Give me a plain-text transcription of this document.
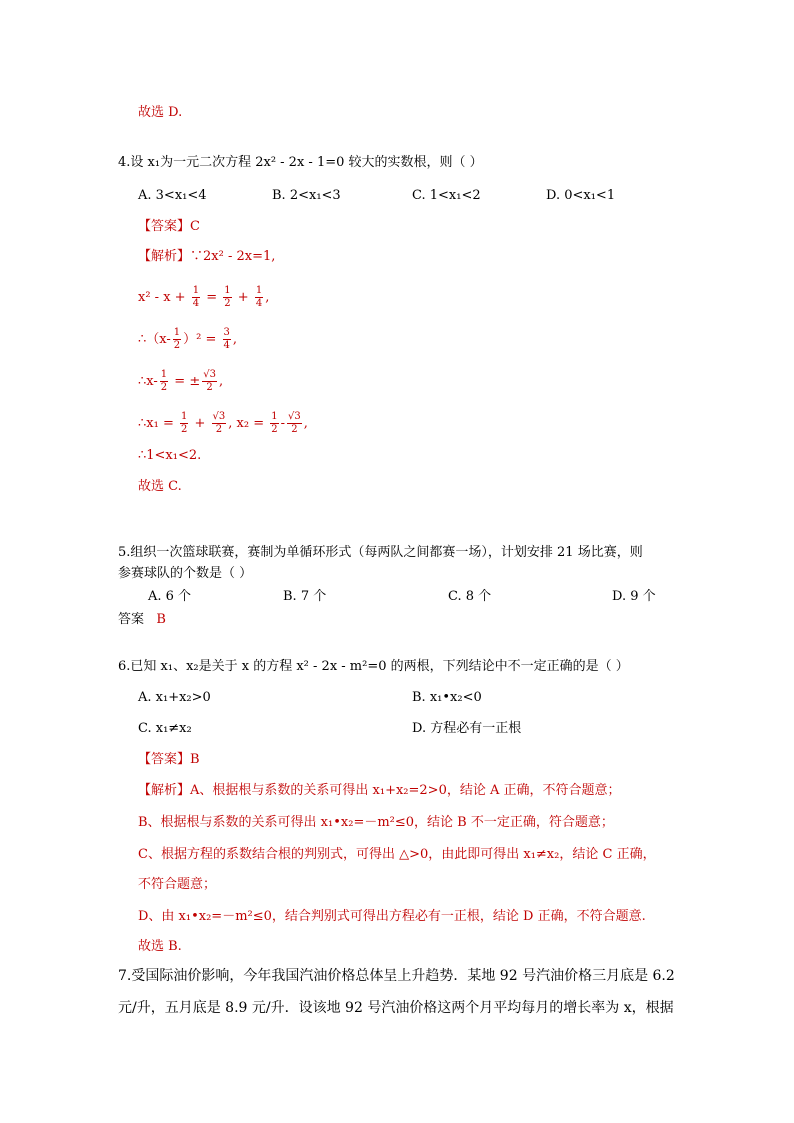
故选 D.
4.设 x₁为一元二次方程 2x² - 2x - 1=0 较大的实数根，则（ ）
A. 3<x₁<4	B. 2<x₁<3	C. 1<x₁<2	D. 0<x₁<1
【答案】C
【解析】∵2x² - 2x=1,
$x^2 - x + \frac{1}{4} = \frac{1}{2} + \frac{1}{4}$ ,
∴（x- $\frac{1}{2} )^2 = \frac{3}{4}$ ,
∴x- $\frac{1}{2}$ = ± $\frac{√3}{2}$ ,
∴x₁ = $\frac{1}{2} + \frac{√3}{2}$ , $x_2 = \frac{1}{2} - \frac{√3}{2}$ ,
∴1<x₁<2.
故选 C.
5.组织一次篮球联赛，赛制为单循环形式（每两队之间都赛一场），计划安排 21 场比赛，则
参赛球队的个数是（ ）
A. 6 个	B. 7 个	C. 8 个	D. 9 个
答案 B
6.已知 x₁、x₂是关于 x 的方程 x² - 2x - m²=0 的两根，下列结论中不一定正确的是（ ）
A. x₁+x₂>0	B. x₁•x₂<0
C. x₁≠x₂	D. 方程必有一正根
【答案】B
【解析】A、根据根与系数的关系可得出 x₁+x₂=2>0，结论 A 正确，不符合题意；
B、根据根与系数的关系可得出 x₁•x₂=－m²≤0，结论 B 不一定正确，符合题意；
C、根据方程的系数结合根的判别式，可得出 △>0，由此即可得出 x₁≠x₂，结论 C 正确，
不符合题意；
D、由 x₁•x₂=－m²≤0，结合判别式可得出方程必有一正根，结论 D 正确，不符合题意.
故选 B.
7.受国际油价影响，今年我国汽油价格总体呈上升趋势．某地 92 号汽油价格三月底是 6.2
元/升，五月底是 8.9 元/升．设该地 92 号汽油价格这两个月平均每月的增长率为 x，根据
